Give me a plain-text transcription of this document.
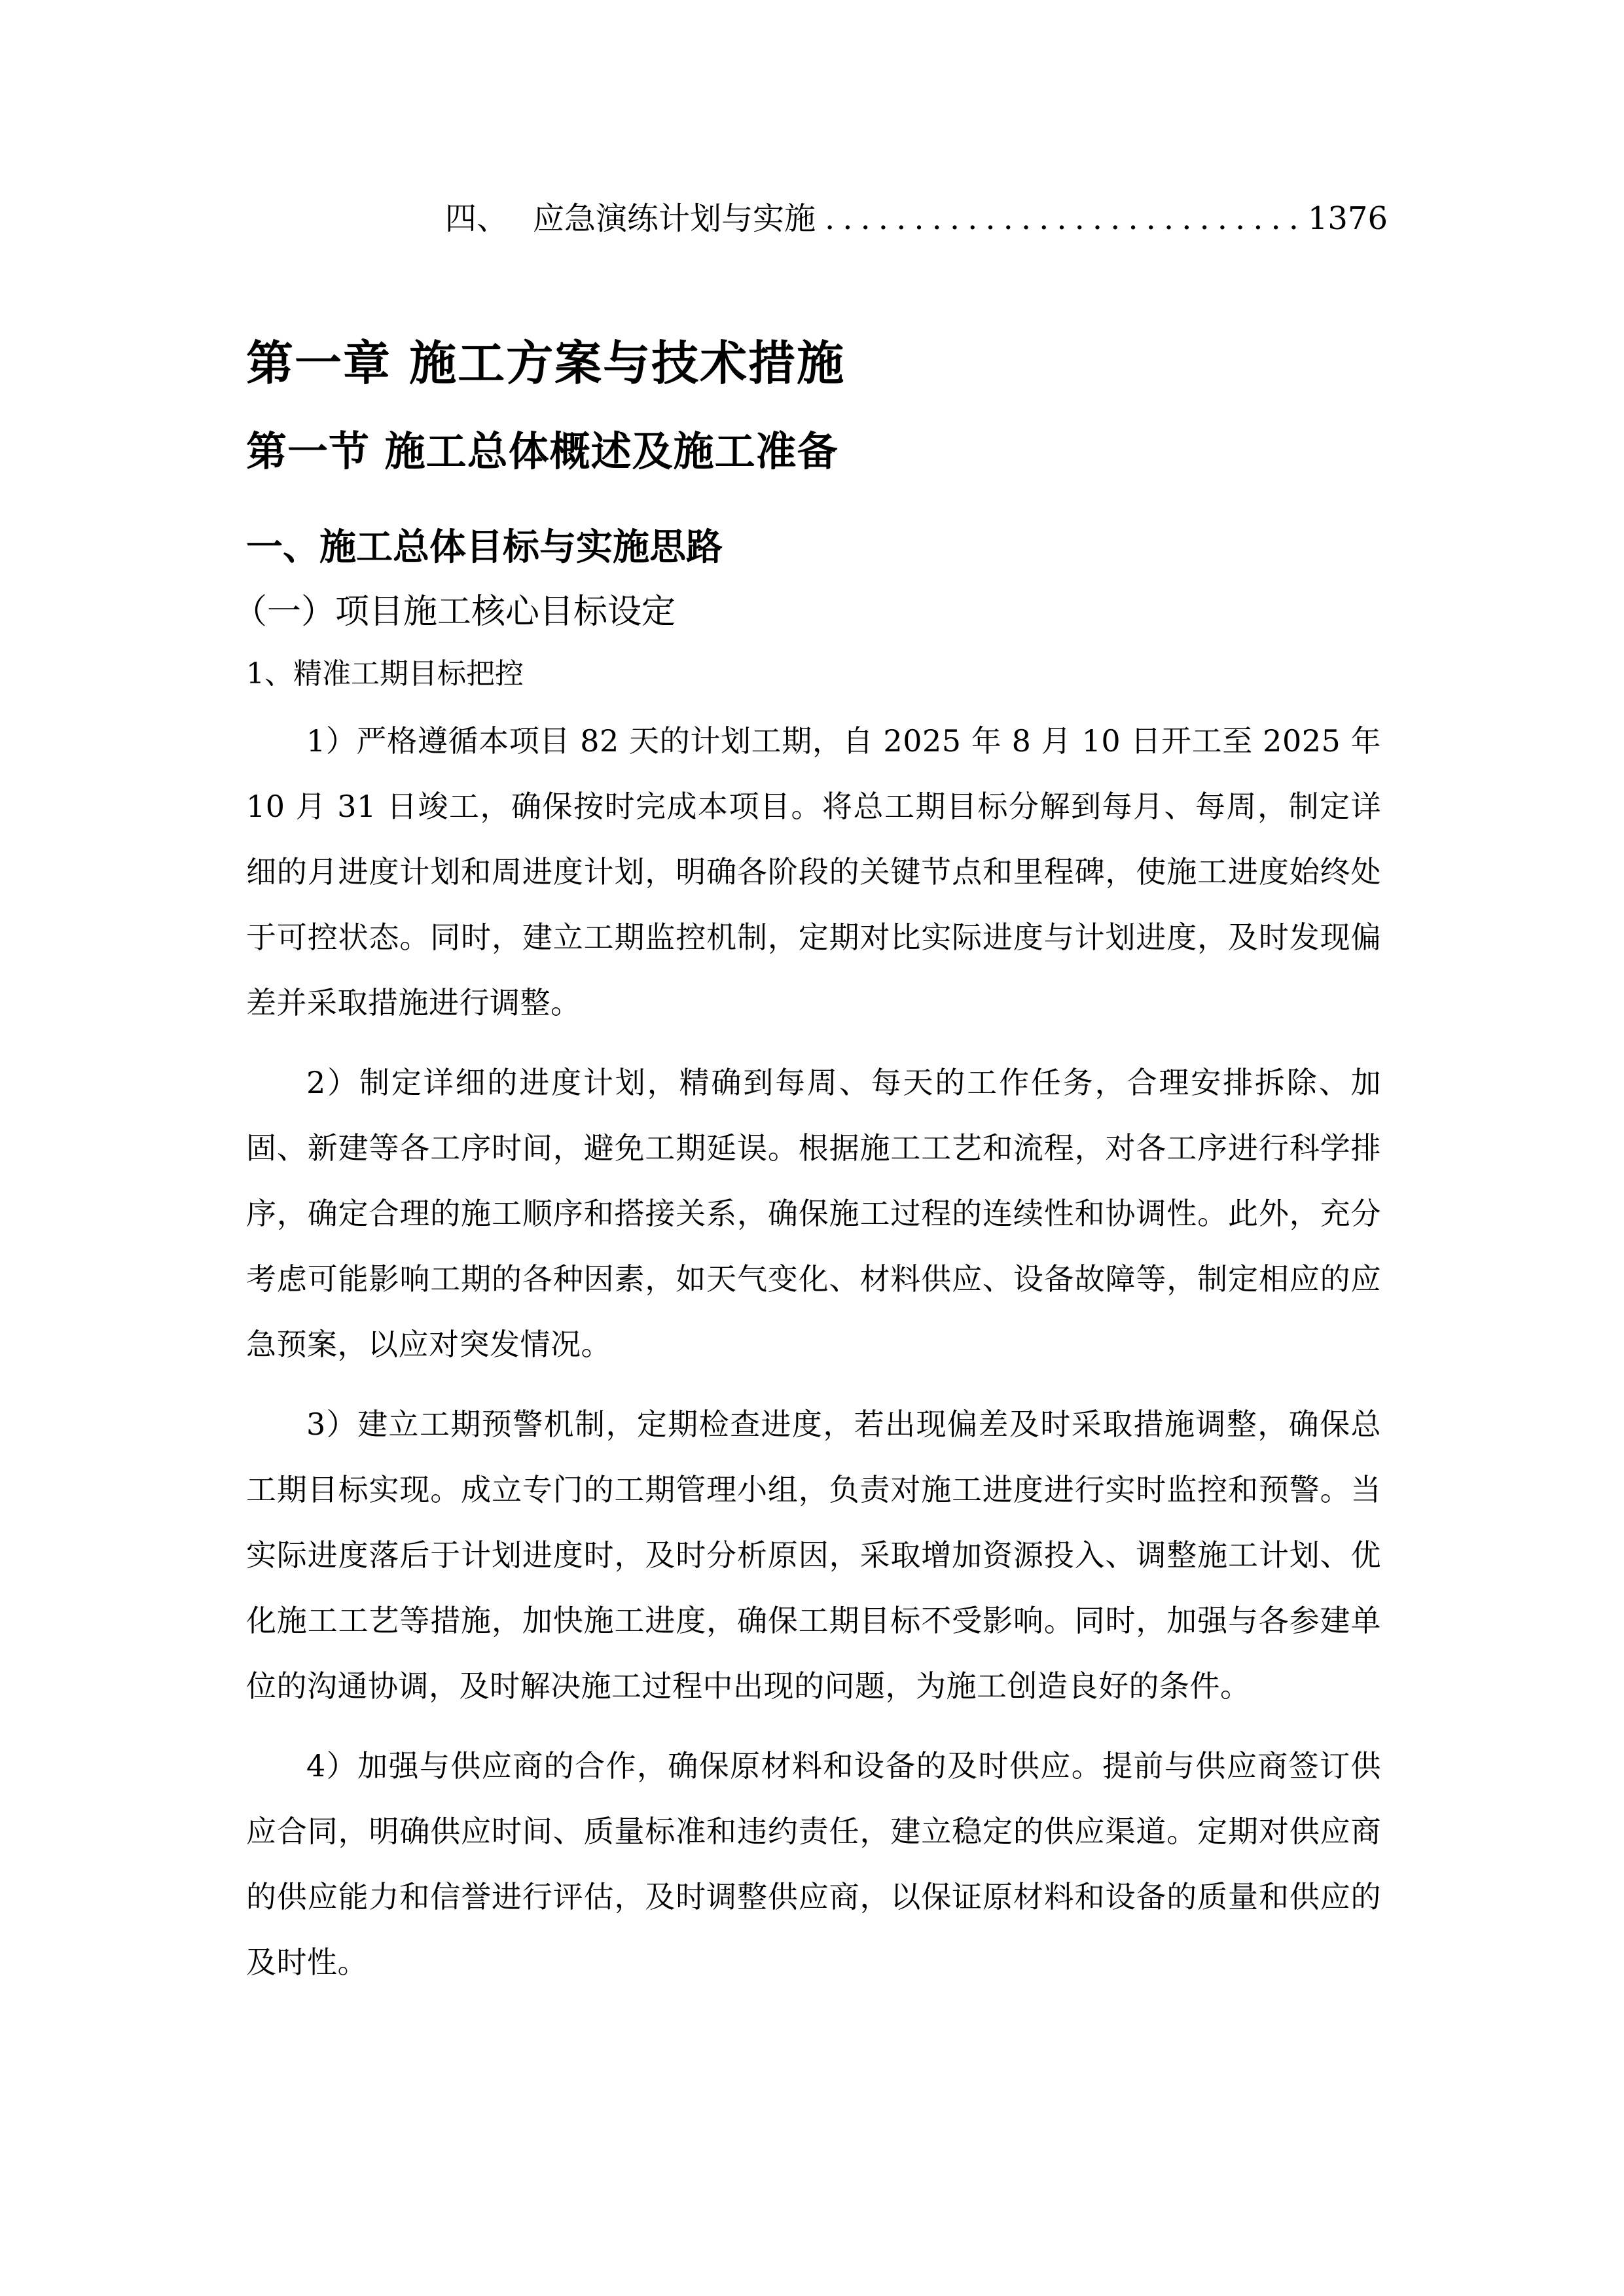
四、 应急演练计划与实施
.....	1376
第一章 施工方案与技术措施
第一节 施工总体概述及施工准备
一、施工总体目标与实施思路
（一）项目施工核心目标设定
1、精准工期目标把控

1）严格遵循本项目 82 天的计划工期，自 2025 年 8 月 10 日开工至 2025 年 10 月 31 日竣工，确保按时完成本项目。将总工期目标分解到每月、每周，制定详细的月进度计划和周进度计划，明确各阶段的关键节点和里程碑，使施工进度始终处于可控状态。同时，建立工期监控机制，定期对比实际进度与计划进度，及时发现偏差并采取措施进行调整。

2）制定详细的进度计划，精确到每周、每天的工作任务，合理安排拆除、加固、新建等各工序时间，避免工期延误。根据施工工艺和流程，对各工序进行科学排序，确定合理的施工顺序和搭接关系，确保施工过程的连续性和协调性。此外，充分考虑可能影响工期的各种因素，如天气变化、材料供应、设备故障等，制定相应的应急预案，以应对突发情况。

3）建立工期预警机制，定期检查进度，若出现偏差及时采取措施调整，确保总工期目标实现。成立专门的工期管理小组，负责对施工进度进行实时监控和预警。当实际进度落后于计划进度时，及时分析原因，采取增加资源投入、调整施工计划、优化施工工艺等措施，加快施工进度，确保工期目标不受影响。同时，加强与各参建单位的沟通协调，及时解决施工过程中出现的问题，为施工创造良好的条件。

4）加强与供应商的合作，确保原材料和设备的及时供应。提前与供应商签订供应合同，明确供应时间、质量标准和违约责任，建立稳定的供应渠道。定期对供应商的供应能力和信誉进行评估，及时调整供应商，以保证原材料和设备的质量和供应的及时性。
